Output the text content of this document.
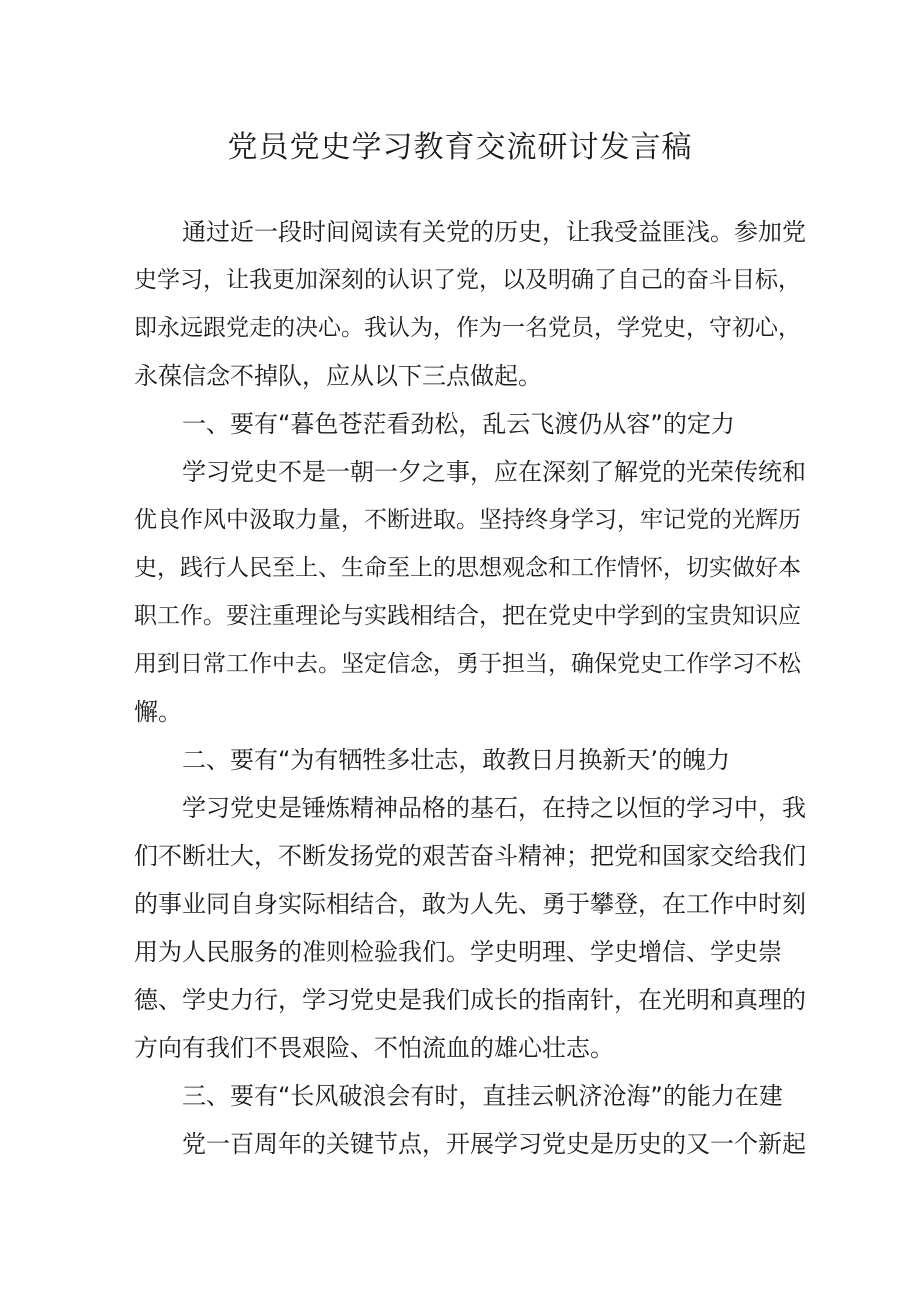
党员党史学习教育交流研讨发言稿

通过近一段时间阅读有关党的历史，让我受益匪浅。参加党

史学习，让我更加深刻的认识了党，以及明确了自己的奋斗目标，

即永远跟党走的决心。我认为，作为一名党员，学党史，守初心，

永葆信念不掉队，应从以下三点做起。

一、要有“暮色苍茫看劲松，乱云飞渡仍从容”的定力

学习党史不是一朝一夕之事，应在深刻了解党的光荣传统和

优良作风中汲取力量，不断进取。坚持终身学习，牢记党的光辉历

史，践行人民至上、生命至上的思想观念和工作情怀，切实做好本

职工作。要注重理论与实践相结合，把在党史中学到的宝贵知识应

用到日常工作中去。坚定信念，勇于担当，确保党史工作学习不松

懈。

二、要有“为有牺牲多壮志，敢教日月换新天’的魄力

学习党史是锤炼精神品格的基石，在持之以恒的学习中，我

们不断壮大，不断发扬党的艰苦奋斗精神；把党和国家交给我们

的事业同自身实际相结合，敢为人先、勇于攀登，在工作中时刻

用为人民服务的准则检验我们。学史明理、学史增信、学史崇

德、学史力行，学习党史是我们成长的指南针，在光明和真理的

方向有我们不畏艰险、不怕流血的雄心壮志。

三、要有“长风破浪会有时，直挂云帆济沧海”的能力在建

党一百周年的关键节点，开展学习党史是历史的又一个新起
